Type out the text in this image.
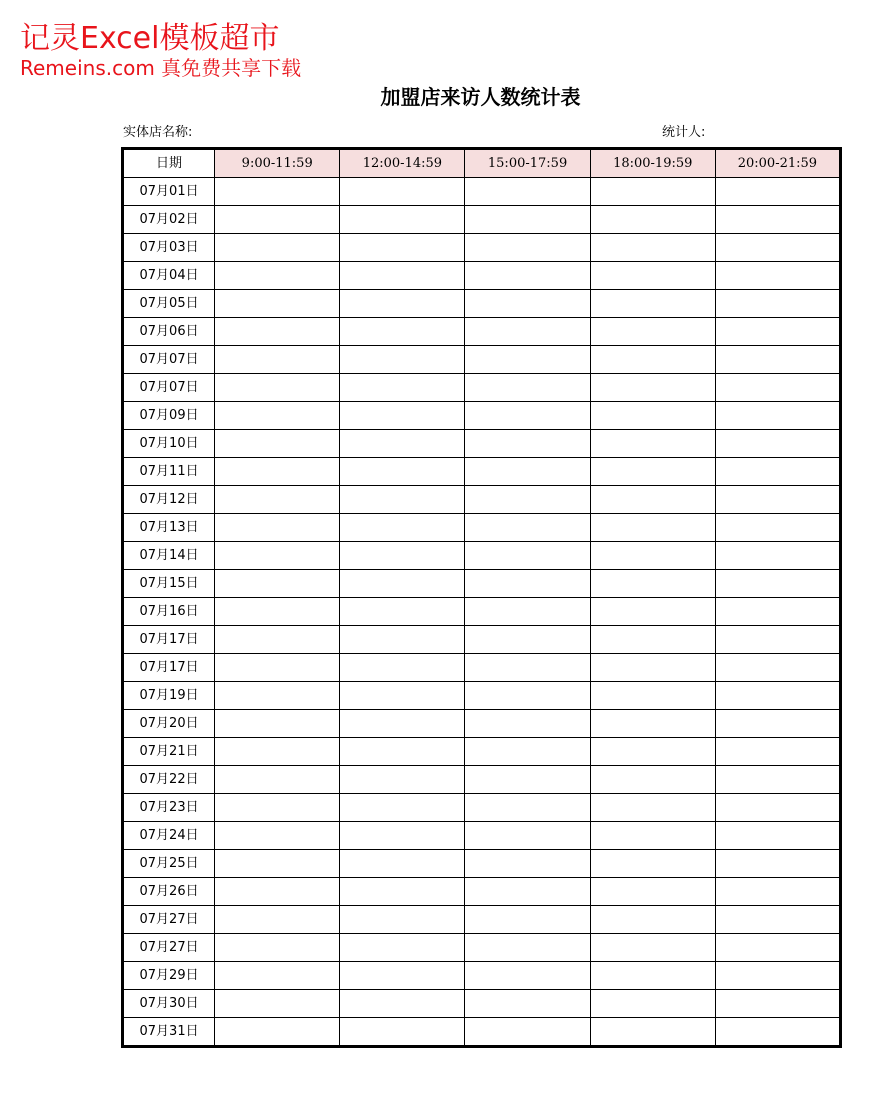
记灵Excel模板超市
Remeins.com 真免费共享下载
加盟店来访人数统计表
实体店名称:	统计人:
日期	9:00-11:59	12:00-14:59	15:00-17:59	18:00-19:59	20:00-21:59
07月01日					
07月02日					
07月03日					
07月04日					
07月05日					
07月06日					
07月07日					
07月07日					
07月09日					
07月10日					
07月11日					
07月12日					
07月13日					
07月14日					
07月15日					
07月16日					
07月17日					
07月17日					
07月19日					
07月20日					
07月21日					
07月22日					
07月23日					
07月24日					
07月25日					
07月26日					
07月27日					
07月27日					
07月29日					
07月30日					
07月31日					
